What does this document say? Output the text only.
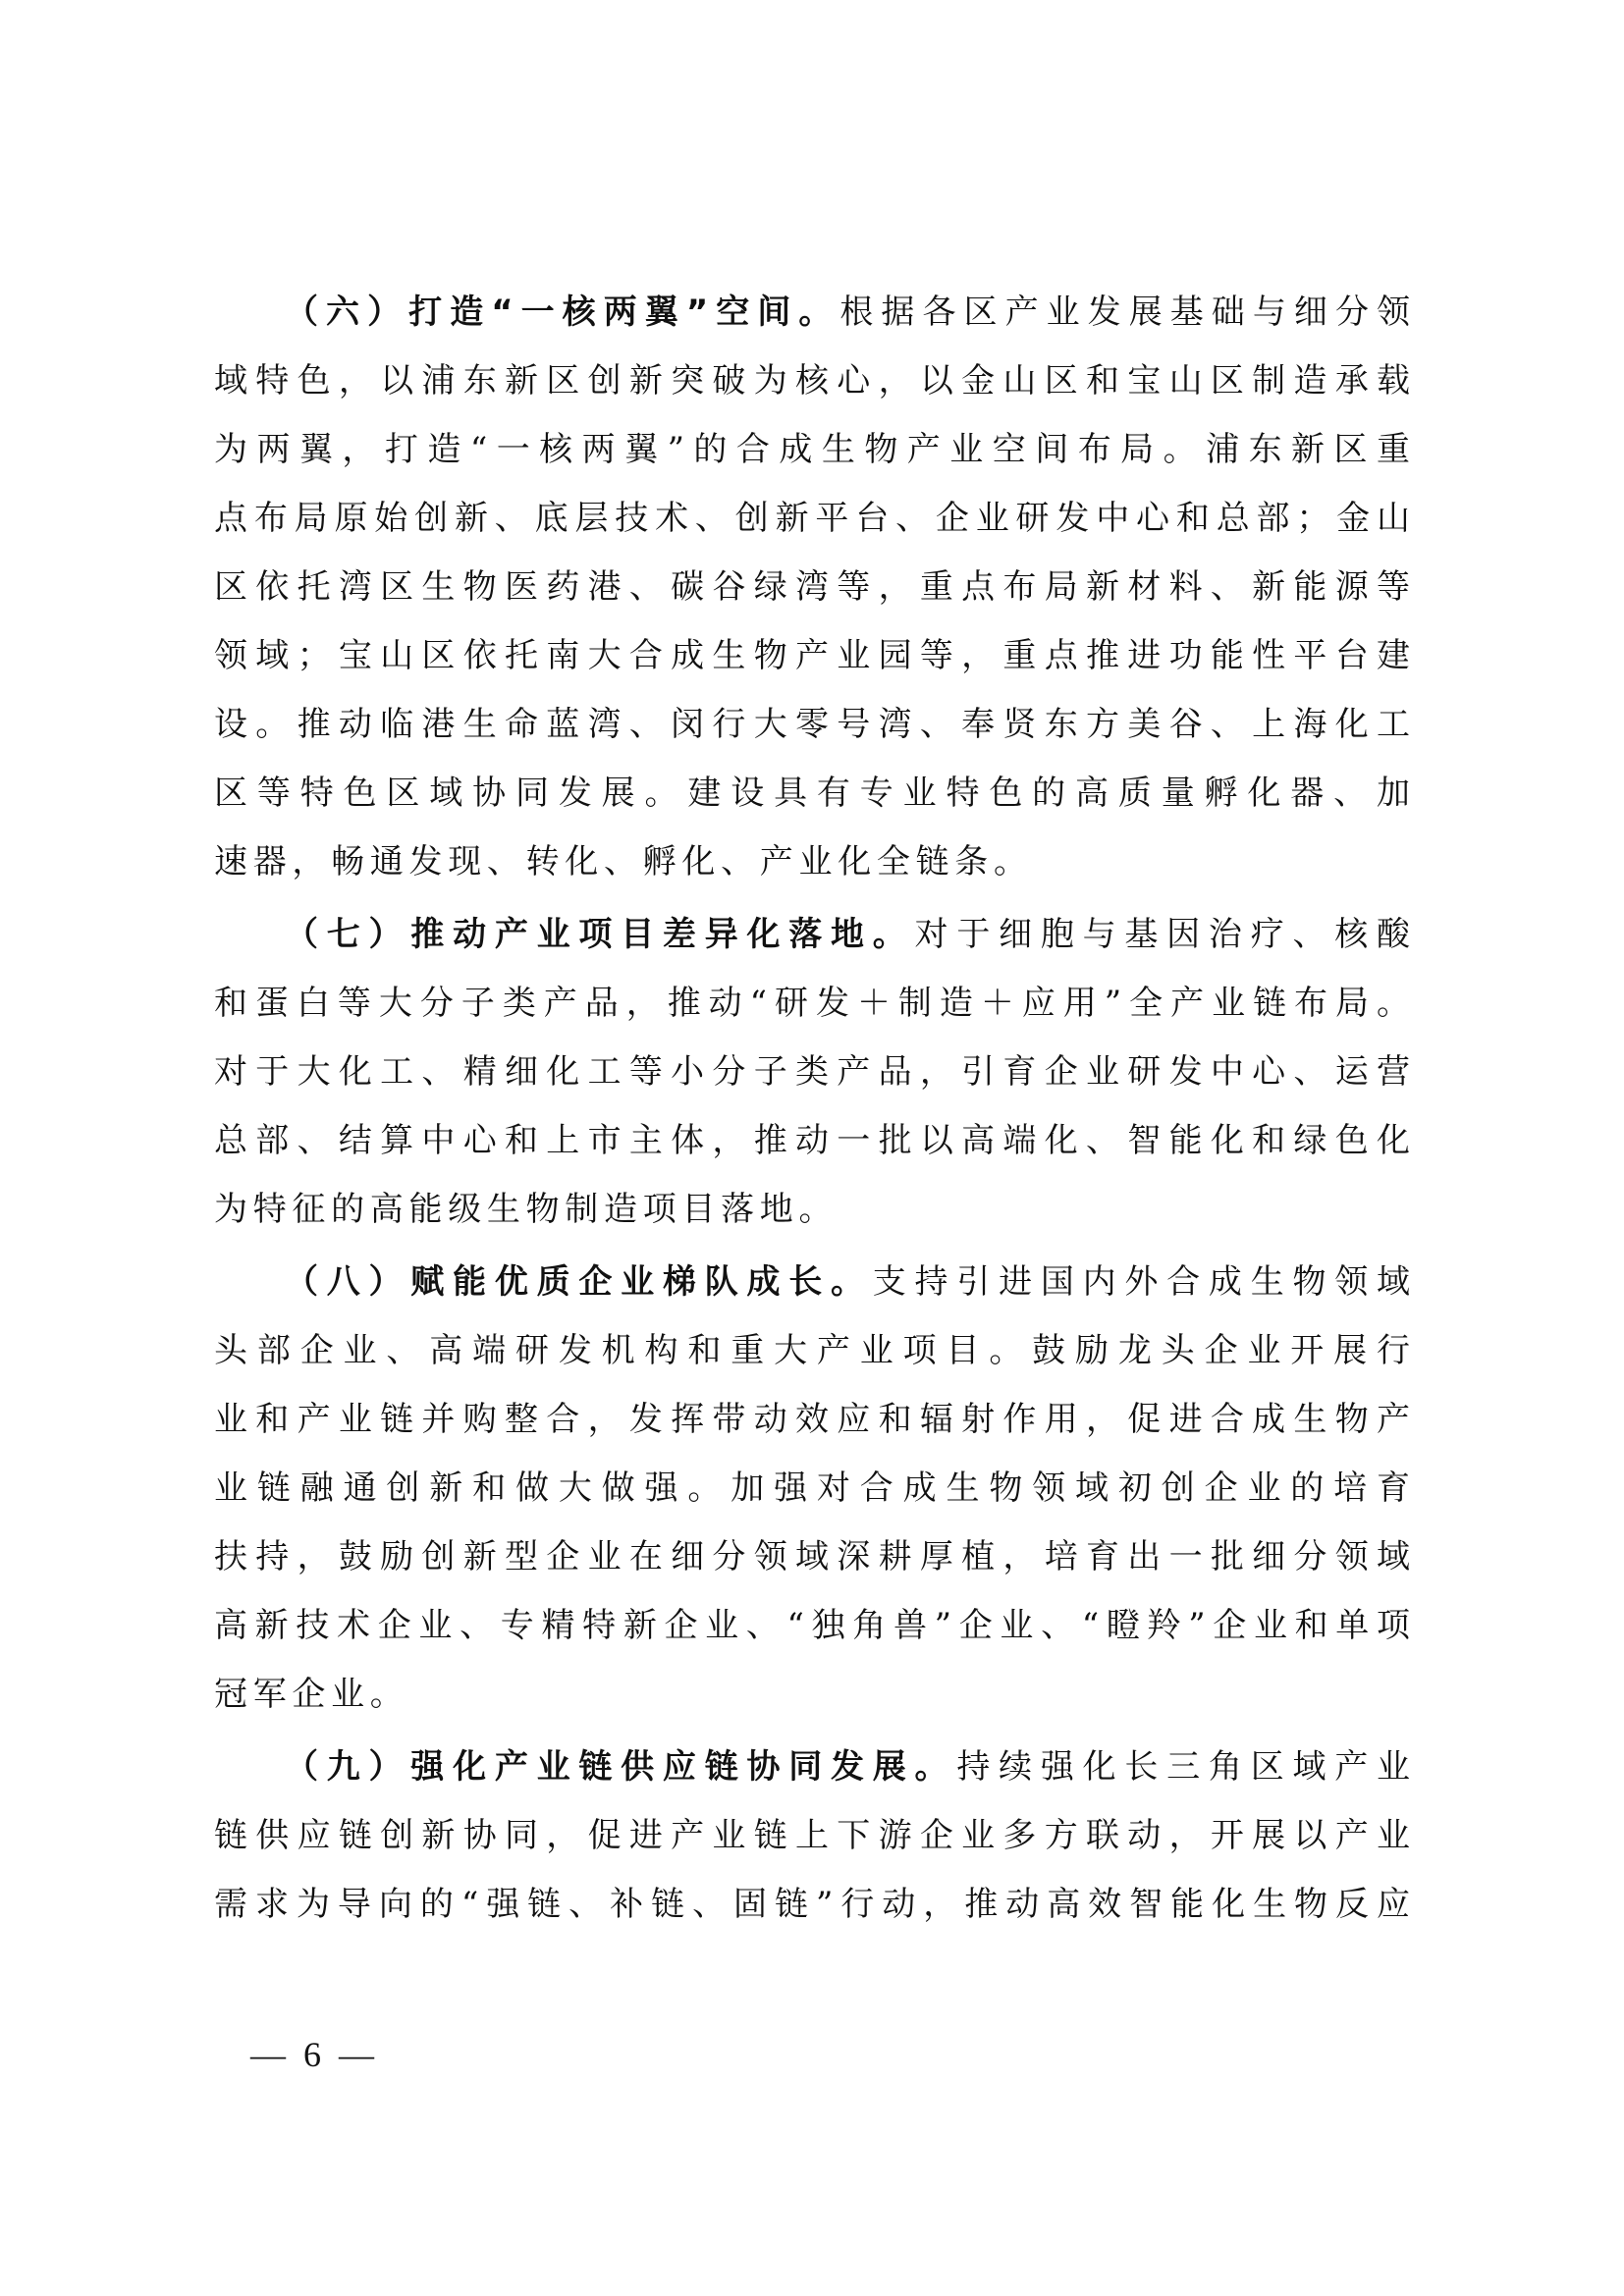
（六）打造“一核两翼”空间。根据各区产业发展基础与细分领
域特色，以浦东新区创新突破为核心，以金山区和宝山区制造承载
为两翼，打造“一核两翼”的合成生物产业空间布局。浦东新区重
点布局原始创新、底层技术、创新平台、企业研发中心和总部；金山
区依托湾区生物医药港、碳谷绿湾等，重点布局新材料、新能源等
领域；宝山区依托南大合成生物产业园等，重点推进功能性平台建
设。推动临港生命蓝湾、闵行大零号湾、奉贤东方美谷、上海化工
区等特色区域协同发展。建设具有专业特色的高质量孵化器、加
速器，畅通发现、转化、孵化、产业化全链条。
（七）推动产业项目差异化落地。对于细胞与基因治疗、核酸
和蛋白等大分子类产品，推动“研发＋制造＋应用”全产业链布局。
对于大化工、精细化工等小分子类产品，引育企业研发中心、运营
总部、结算中心和上市主体，推动一批以高端化、智能化和绿色化
为特征的高能级生物制造项目落地。
（八）赋能优质企业梯队成长。支持引进国内外合成生物领域
头部企业、高端研发机构和重大产业项目。鼓励龙头企业开展行
业和产业链并购整合，发挥带动效应和辐射作用，促进合成生物产
业链融通创新和做大做强。加强对合成生物领域初创企业的培育
扶持，鼓励创新型企业在细分领域深耕厚植，培育出一批细分领域
高新技术企业、专精特新企业、“独角兽”企业、“瞪羚”企业和单项
冠军企业。
（九）强化产业链供应链协同发展。持续强化长三角区域产业
链供应链创新协同，促进产业链上下游企业多方联动，开展以产业
需求为导向的“强链、补链、固链”行动，推动高效智能化生物反应
—  6  —
